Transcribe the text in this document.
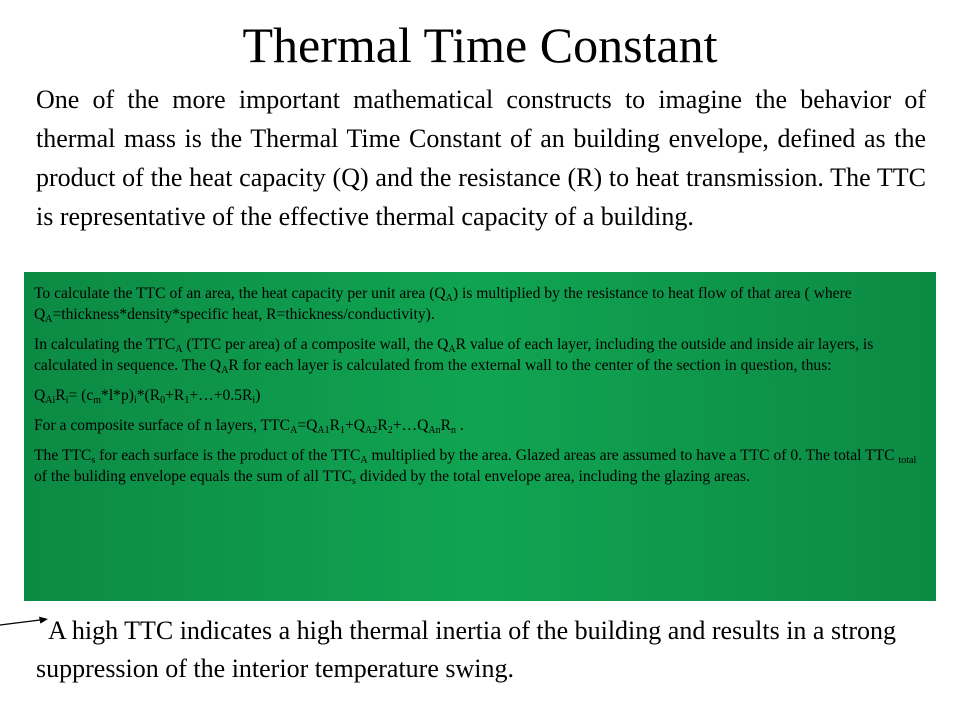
Thermal Time Constant
One of the more important mathematical constructs to imagine the behavior of thermal mass is the Thermal Time Constant of an building envelope, defined as the product of the heat capacity (Q) and the resistance (R) to heat transmission. The TTC is representative of the effective thermal capacity of a building.

To calculate the TTC of an area, the heat capacity per unit area $(Q_A)$ is multiplied by the resistance to heat flow of that area ( where $Q_A=thickness*density*specific$ heat, R=thickness/conductivity).

In calculating the $TTC_A$ (TTC per area) of a composite wall, the $Q_AR$ value of each layer, including the outside and inside air layers, is calculated in sequence. The $Q_AR$ for each layer is calculated from the external wall to the center of the section in question, thus:

$Q_{Ai}R_i=$ $(c_m*l*p)_i*(R_0+R_1+\dots+0.5R_i)$

For a composite surface of n layers, $TTC_A=Q_{A1}R_1+Q_{A2}R_2+\dots Q_{An}R_n$ .

The $TTC_s$ for each surface is the product of the $TTC_A$ multiplied by the area. Glazed areas are assumed to have a TTC of 0. The total TTC $_{total}$ of the buliding envelope equals the sum of all $TTC_s$ divided by the total envelope area, including the glazing areas.

A high TTC indicates a high thermal inertia of the building and results in a strong suppression of the interior temperature swing.
